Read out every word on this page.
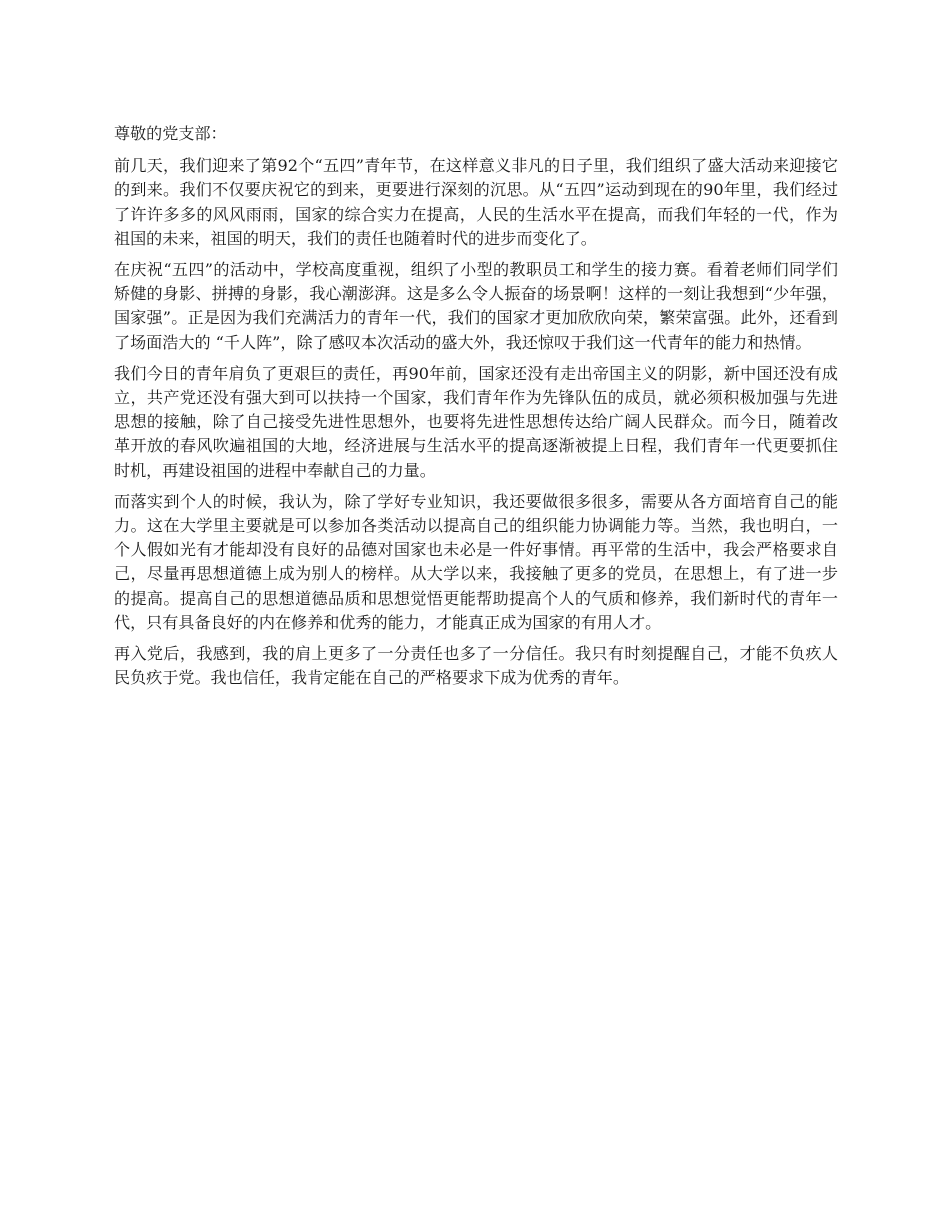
尊敬的党支部：

前几天，我们迎来了第92个“五四”青年节，在这样意义非凡的日子里，我们组织了盛大活动来迎接它的到来。我们不仅要庆祝它的到来，更要进行深刻的沉思。从“五四”运动到现在的90年里，我们经过了许许多多的风风雨雨，国家的综合实力在提高，人民的生活水平在提高，而我们年轻的一代，作为祖国的未来，祖国的明天，我们的责任也随着时代的进步而变化了。

在庆祝“五四”的活动中，学校高度重视，组织了小型的教职员工和学生的接力赛。看着老师们同学们矫健的身影、拼搏的身影，我心潮澎湃。这是多么令人振奋的场景啊！这样的一刻让我想到“少年强，国家强”。正是因为我们充满活力的青年一代，我们的国家才更加欣欣向荣，繁荣富强。此外，还看到了场面浩大的 “千人阵”，除了感叹本次活动的盛大外，我还惊叹于我们这一代青年的能力和热情。

我们今日的青年肩负了更艰巨的责任，再90年前，国家还没有走出帝国主义的阴影，新中国还没有成立，共产党还没有强大到可以扶持一个国家，我们青年作为先锋队伍的成员，就必须积极加强与先进思想的接触，除了自己接受先进性思想外，也要将先进性思想传达给广阔人民群众。而今日，随着改革开放的春风吹遍祖国的大地，经济进展与生活水平的提高逐渐被提上日程，我们青年一代更要抓住时机，再建设祖国的进程中奉献自己的力量。

而落实到个人的时候，我认为，除了学好专业知识，我还要做很多很多，需要从各方面培育自己的能力。这在大学里主要就是可以参加各类活动以提高自己的组织能力协调能力等。当然，我也明白，一个人假如光有才能却没有良好的品德对国家也未必是一件好事情。再平常的生活中，我会严格要求自己，尽量再思想道德上成为别人的榜样。从大学以来，我接触了更多的党员，在思想上，有了进一步的提高。提高自己的思想道德品质和思想觉悟更能帮助提高个人的气质和修养，我们新时代的青年一代，只有具备良好的内在修养和优秀的能力，才能真正成为国家的有用人才。

再入党后，我感到，我的肩上更多了一分责任也多了一分信任。我只有时刻提醒自己，才能不负疚人民负疚于党。我也信任，我肯定能在自己的严格要求下成为优秀的青年。
